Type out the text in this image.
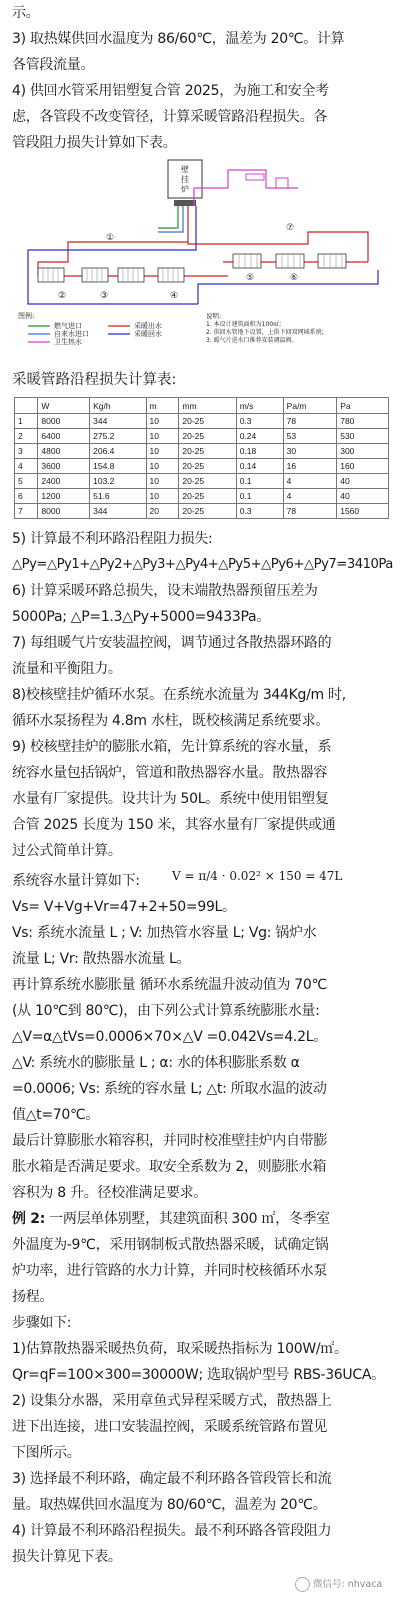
示。
3) 取热媒供回水温度为 86/60℃，温差为 20℃。计算
各管段流量。
4) 供回水管采用铝塑复合管 2025，为施工和安全考
虑，各管段不改变管径，计算采暖管路沿程损失。各
管段阻力损失计算如下表。
壁
挂
炉
①
②	③	④
⑤	⑥
⑦
图例:
燃气进口
自来水进口
卫生热水
采暖出水
采暖回水
说明:
1. 本设计建筑面积为100㎡;
2. 供回水管地下设置，上供下回双网城系统;
3. 暖气片进水口推荐安装调温阀。
采暖管路沿程损失计算表:
	W	Kg/h	m	mm	m/s	Pa/m	Pa
1	8000	344	10	20-25	0.3	78	780
2	6400	275.2	10	20-25	0.24	53	530
3	4800	206.4	10	20-25	0.18	30	300
4	3600	154.8	10	20-25	0.14	16	160
5	2400	103.2	10	20-25	0.1	4	40
6	1200	51.6	10	20-25	0.1	4	40
7	8000	344	20	20-25	0.3	78	1560
5) 计算最不利环路沿程阻力损失:
△Py=△Py1+△Py2+△Py3+△Py4+△Py5+△Py6+△Py7=3410Pa
6) 计算采暖环路总损失，设末端散热器预留压差为
5000Pa; △P=1.3△Py+5000=9433Pa。
7) 每组暖气片安装温控阀，调节通过各散热器环路的
流量和平衡阻力。
8)校核壁挂炉循环水泵。在系统水流量为 344Kg/m 时,
循环水泵扬程为 4.8m 水柱，既校核满足系统要求。
9) 校核壁挂炉的膨胀水箱，先计算系统的容水量，系
统容水量包括锅炉，管道和散热器容水量。散热器容
水量有厂家提供。设共计为 50L。系统中使用铝塑复
合管 2025 长度为 150 米，其容水量有厂家提供或通
过公式简单计算。
系统容水量计算如下:	V = π/4 · 0.02² × 150 = 47L
Vs= V+Vg+Vr=47+2+50=99L。
Vs: 系统水流量 L ; V: 加热管水容量 L; Vg: 锅炉水
流量 L; Vr: 散热器水流量 L。
再计算系统水膨胀量 循环水系统温升波动值为 70℃
(从 10℃到 80℃)，由下列公式计算系统膨胀水量:
△V=α△tVs=0.0006×70×△V =0.042Vs=4.2L。
△V: 系统水的膨胀量 L ; α: 水的体积膨胀系数 α
=0.0006; Vs: 系统的容水量 L; △t: 所取水温的波动
值△t=70℃。
最后计算膨胀水箱容积，并同时校准壁挂炉内自带膨
胀水箱是否满足要求。取安全系数为 2，则膨胀水箱
容积为 8 升。径校准满足要求。
例 2: 一两层单体别墅，其建筑面积 300 ㎡，冬季室
外温度为-9℃，采用钢制板式散热器采暖，试确定锅
炉功率，进行管路的水力计算，并同时校核循环水泵
扬程。
步骤如下:
1)估算散热器采暖热负荷，取采暖热指标为 100W/㎡。
Qr=qF=100×300=30000W; 选取锅炉型号 RBS-36UCA。
2) 设集分水器，采用章鱼式异程采暖方式，散热器上
进下出连接，进口安装温控阀，采暖系统管路布置见
下图所示。
3) 选择最不利环路，确定最不利环路各管段管长和流
量。取热媒供回水温度为 80/60℃，温差为 20℃。
4) 计算最不利环路沿程损失。最不利环路各管段阻力
损失计算见下表。
微信号: nhvaca
